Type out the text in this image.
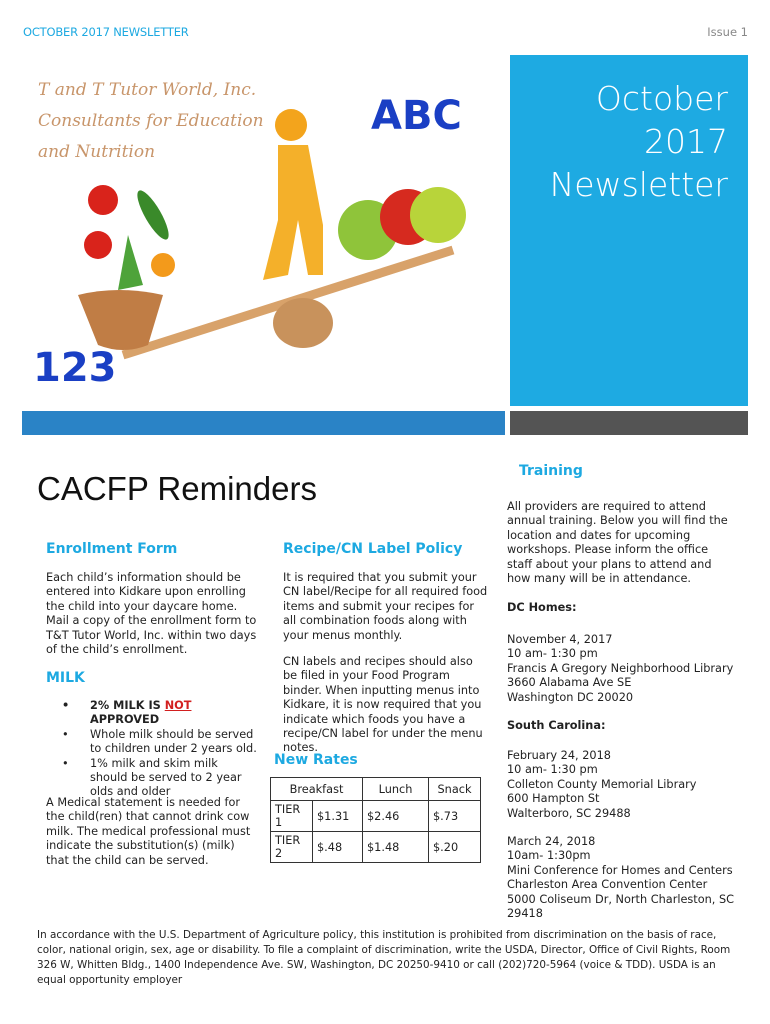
OCTOBER 2017 NEWSLETTER	Issue 1
T and T Tutor World, Inc.
Consultants for Education
and Nutrition
ABC
123
October
2017
Newsletter
CACFP Reminders
Enrollment Form
Each child’s information should be entered into Kidkare upon enrolling the child into your daycare home. Mail a copy of the enrollment form to T&T Tutor World, Inc. within two days of the child’s enrollment.
MILK
• 2% MILK IS NOT APPROVED
• Whole milk should be served to children under 2 years old.
• 1% milk and skim milk should be served to 2 year olds and older
A Medical statement is needed for the child(ren) that cannot drink cow milk. The medical professional must indicate the substitution(s) (milk) that the child can be served.
Recipe/CN Label Policy
It is required that you submit your CN label/Recipe for all required food items and submit your recipes for all combination foods along with your menus monthly.
CN labels and recipes should also be filed in your Food Program binder. When inputting menus into Kidkare, it is now required that you indicate which foods you have a recipe/CN label for under the menu notes.
New Rates
Breakfast		Lunch	Snack
TIER 1	$1.31	$2.46	$.73
TIER 2	$.48	$1.48	$.20
Training
All providers are required to attend annual training. Below you will find the location and dates for upcoming workshops. Please inform the office staff about your plans to attend and how many will be in attendance.
DC Homes:
November 4, 2017
10 am- 1:30 pm
Francis A Gregory Neighborhood Library
3660 Alabama Ave SE
Washington DC 20020
South Carolina:
February 24, 2018
10 am- 1:30 pm
Colleton County Memorial Library
600 Hampton St
Walterboro, SC 29488
March 24, 2018
10am- 1:30pm
Mini Conference for Homes and Centers
Charleston Area Convention Center
5000 Coliseum Dr, North Charleston, SC 29418
In accordance with the U.S. Department of Agriculture policy, this institution is prohibited from discrimination on the basis of race, color, national origin, sex, age or disability. To file a complaint of discrimination, write the USDA, Director, Office of Civil Rights, Room 326 W, Whitten Bldg., 1400 Independence Ave. SW, Washington, DC 20250-9410 or call (202)720-5964 (voice & TDD). USDA is an equal opportunity employer
